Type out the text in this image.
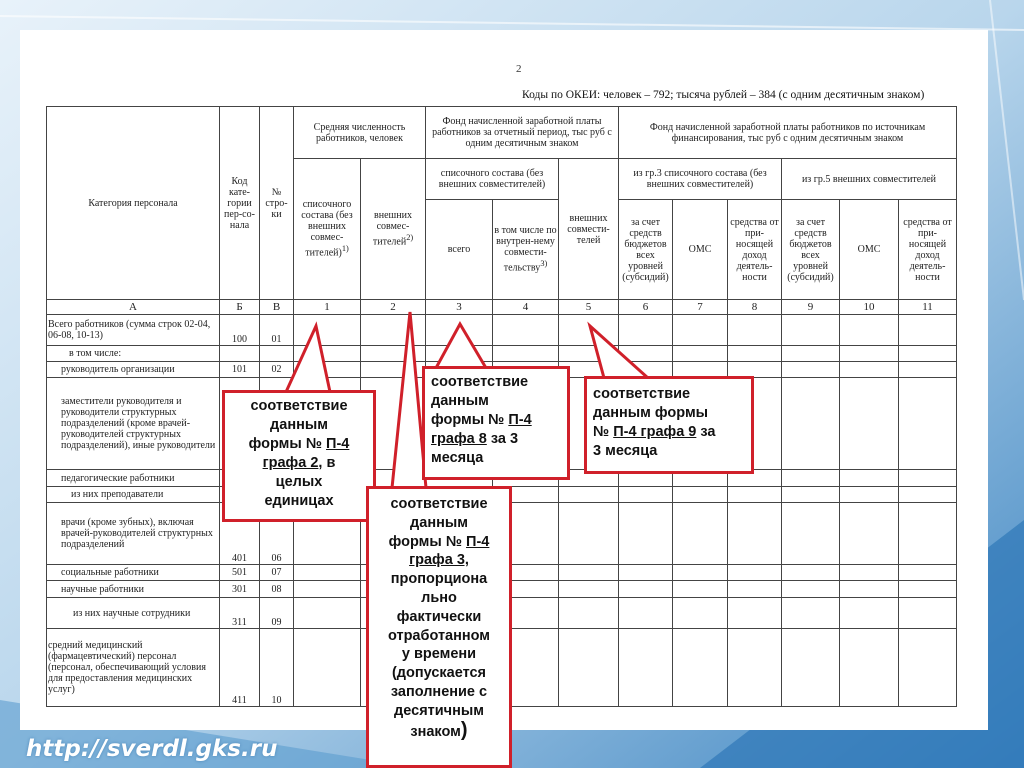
2
Коды по ОКЕИ: человек – 792; тысяча рублей – 384 (с одним десятичным знаком)
Категория персонала	Код кате-гории пер-со-нала	№ стро-ки	Средняя численность работников, человек		Фонд начисленной заработной платы работников за отчетный период, тыс руб с одним десятичным знаком			Фонд начисленной заработной платы работников по источникам финансирования, тыс руб с одним десятичным знаком					
			списочного состава (без внешних совмес-тителей)$^{1)}$	внешних совмес-тителей$^{2)}$	списочного состава (без внешних совместителей)		внешних совмести-телей	из гр.3 списочного состава (без внешних совместителей)			из гр.5 внешних совместителей		
					всего	в том числе по внутрен-нему совмести-тельству$^{3)}$		за счет средств бюджетов всех уровней (субсидий)	ОМС	средства от при-носящей доход деятель-ности	за счет средств бюджетов всех уровней (субсидий)	ОМС	средства от при-носящей доход деятель-ности
А	Б	В	1	2	3	4	5	6	7	8	9	10	11
Всего работников (сумма строк 02-04, 06-08, 10-13)	100	01											
в том числе:													
руководитель организации	101	02											
заместители руководителя и руководители структурных подразделений (кроме врачей-руководителей структурных подразделений), иные руководители													
педагогические работники													
из них преподаватели													
врачи (кроме зубных), включая врачей-руководителей структурных подразделений	401	06											
социальные работники	501	07											
научные работники	301	08											
из них научные сотрудники	311	09											
средний медицинский (фармацевтический) персонал (персонал, обеспечивающий условия для предоставления медицинских услуг)	411	10											
соответствие
данным
формы № П-4
графа 2, в
целых
единицах	соответствие
данным
формы № П-4
графа 3,
пропорциона
льно
фактически
отработанном
у времени
(допускается
заполнение с
десятичным
знаком)
соответствие
данным
формы № П-4
графа 8 за 3
месяца
соответствие
данным формы
№ П-4 графа 9 за
3 месяца
http://sverdl.gks.ru
